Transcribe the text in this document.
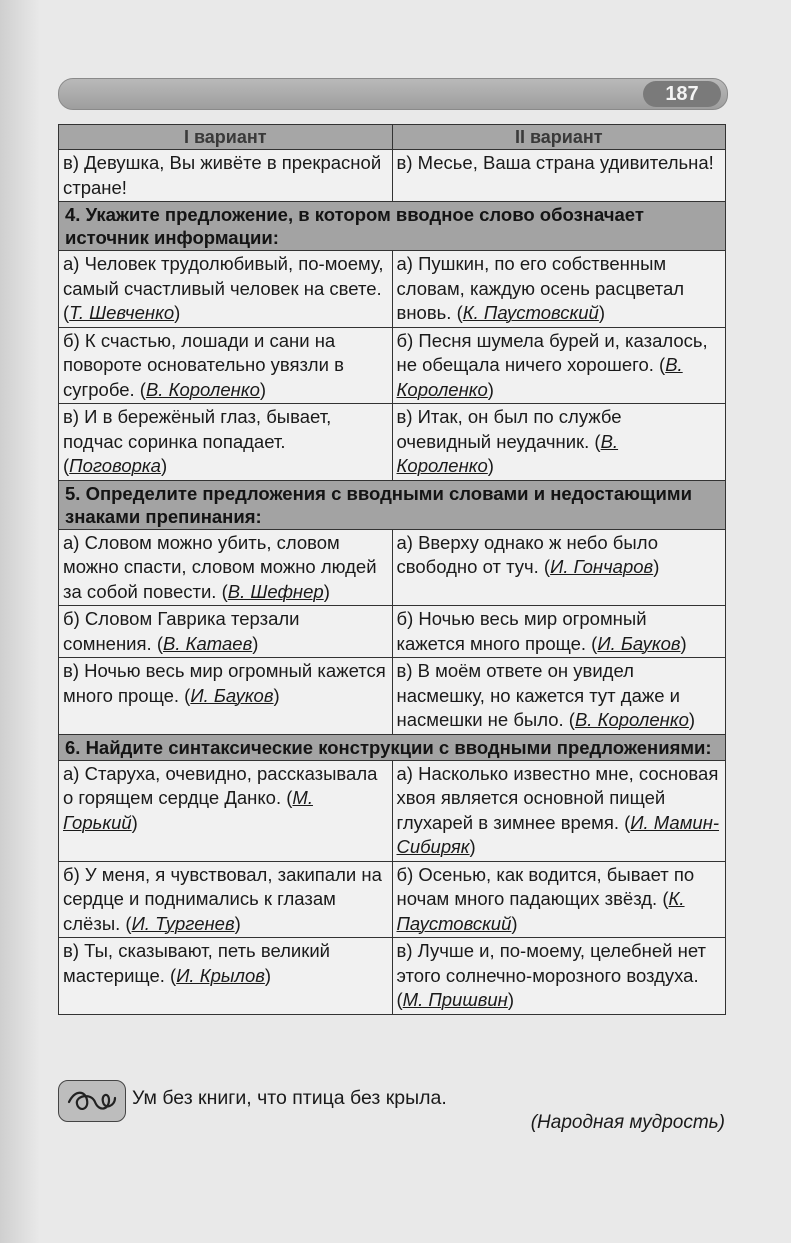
187
I вариант	II вариант
в) Девушка, Вы живёте в прекрасной стране!	в) Месье, Ваша страна удивительна!
4. Укажите предложение, в котором вводное слово обозначает источник информации:	
а) Человек трудолюбивый, по-моему, самый счастливый человек на свете. (Т. Шевченко)	а) Пушкин, по его собственным словам, каждую осень расцветал вновь. (К. Паустовский)
б) К счастью, лошади и сани на повороте основательно увязли в сугробе. (В. Короленко)	б) Песня шумела бурей и, казалось, не обещала ничего хорошего. (В. Короленко)
в) И в бережёный глаз, бывает, подчас соринка попадает. (Поговорка)	в) Итак, он был по службе очевидный неудачник. (В. Короленко)
5. Определите предложения с вводными словами и недостающими знаками препинания:	
а) Словом можно убить, словом можно спасти, словом можно людей за собой повести. (В. Шефнер)	а) Вверху однако ж небо было свободно от туч. (И. Гончаров)
б) Словом Гаврика терзали сомнения. (В. Катаев)	б) Ночью весь мир огромный кажется много проще. (И. Бауков)
в) Ночью весь мир огромный кажется много проще. (И. Бауков)	в) В моём ответе он увидел насмешку, но кажется тут даже и насмешки не было. (В. Короленко)
6. Найдите синтаксические конструкции с вводными предложениями:	
а) Старуха, очевидно, рассказывала о горящем сердце Данко. (М. Горький)	а) Насколько известно мне, сосновая хвоя является основной пищей глухарей в зимнее время. (И. Мамин-Сибиряк)
б) У меня, я чувствовал, закипали на сердце и поднимались к глазам слёзы. (И. Тургенев)	б) Осенью, как водится, бывает по ночам много падающих звёзд. (К. Паустовский)
в) Ты, сказывают, петь великий мастерище. (И. Крылов)	в) Лучше и, по-моему, целебней нет этого солнечно-морозного воздуха. (М. Пришвин)
Ум без книги, что птица без крыла.
(Народная мудрость)
